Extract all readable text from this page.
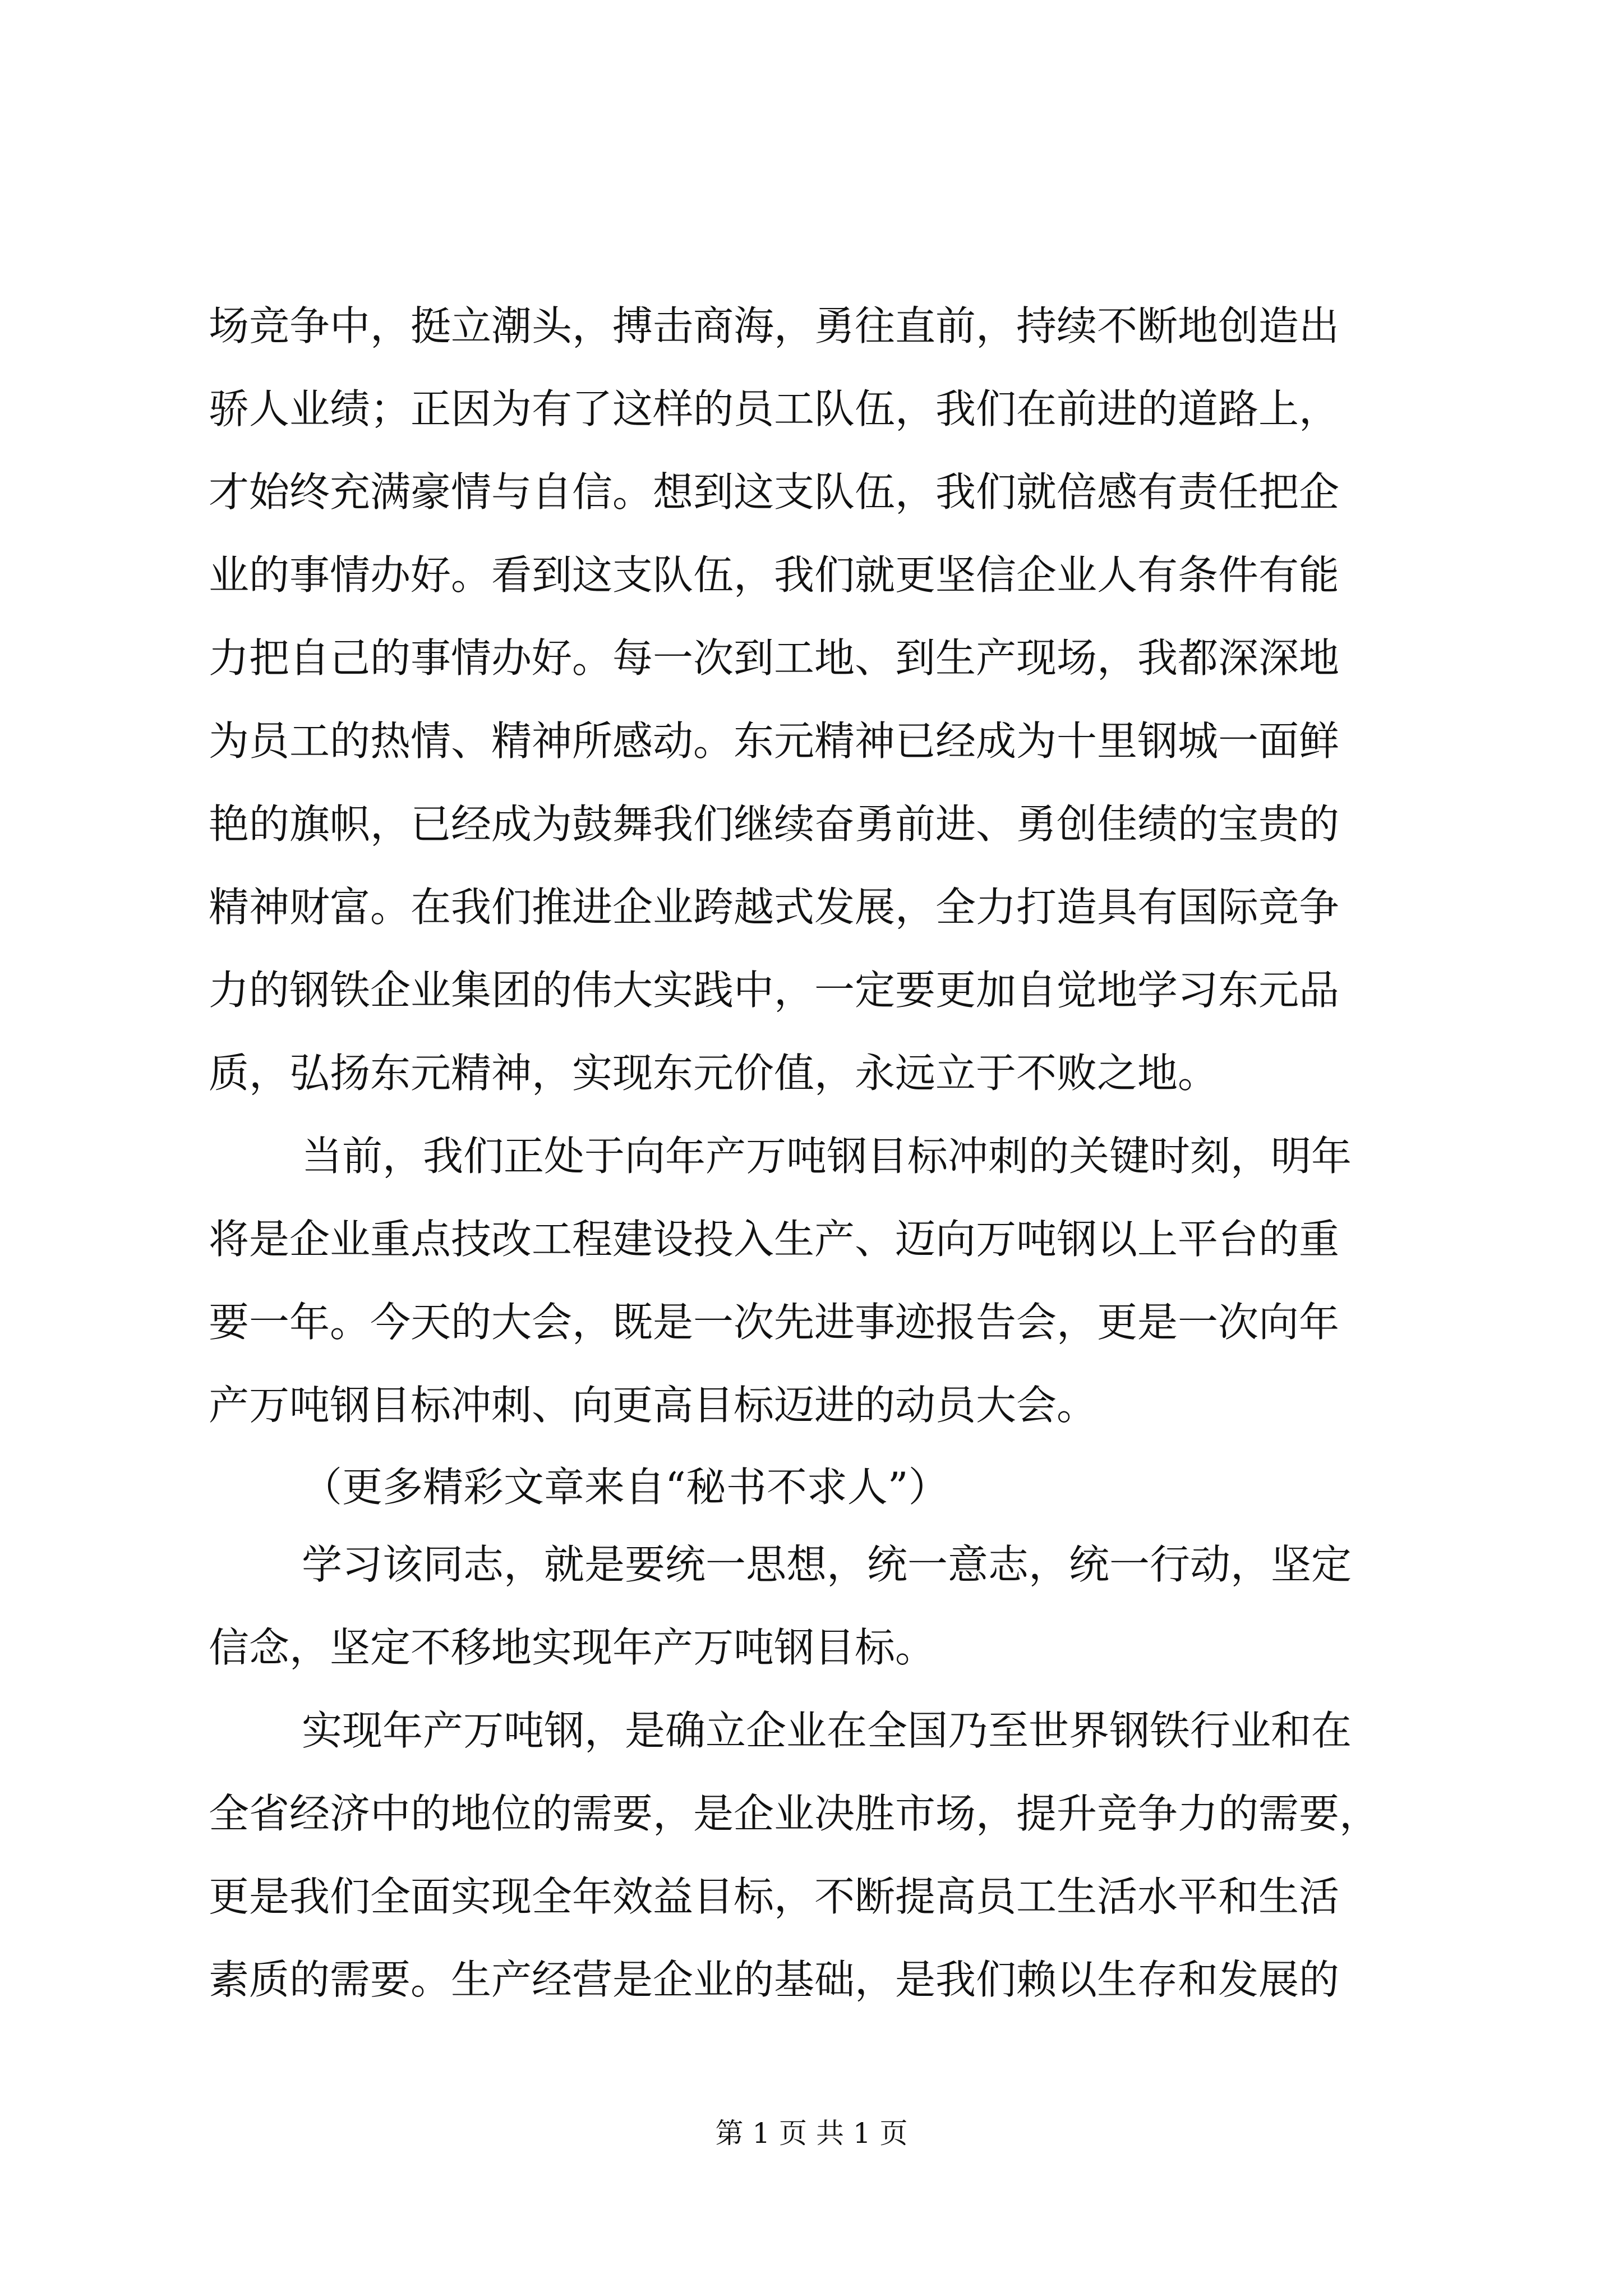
场竞争中，挺立潮头，搏击商海，勇往直前，持续不断地创造出
骄人业绩；正因为有了这样的员工队伍，我们在前进的道路上，
才始终充满豪情与自信。想到这支队伍，我们就倍感有责任把企
业的事情办好。看到这支队伍，我们就更坚信企业人有条件有能
力把自己的事情办好。每一次到工地、到生产现场，我都深深地
为员工的热情、精神所感动。东元精神已经成为十里钢城一面鲜
艳的旗帜，已经成为鼓舞我们继续奋勇前进、勇创佳绩的宝贵的
精神财富。在我们推进企业跨越式发展，全力打造具有国际竞争
力的钢铁企业集团的伟大实践中，一定要更加自觉地学习东元品
质，弘扬东元精神，实现东元价值，永远立于不败之地。
当前，我们正处于向年产万吨钢目标冲刺的关键时刻，明年
将是企业重点技改工程建设投入生产、迈向万吨钢以上平台的重
要一年。今天的大会，既是一次先进事迹报告会，更是一次向年
产万吨钢目标冲刺、向更高目标迈进的动员大会。
（更多精彩文章来自“秘书不求人”）
学习该同志，就是要统一思想，统一意志，统一行动，坚定
信念，坚定不移地实现年产万吨钢目标。
实现年产万吨钢，是确立企业在全国乃至世界钢铁行业和在
全省经济中的地位的需要，是企业决胜市场，提升竞争力的需要，
更是我们全面实现全年效益目标，不断提高员工生活水平和生活
素质的需要。生产经营是企业的基础，是我们赖以生存和发展的
第 1 页 共 1 页
